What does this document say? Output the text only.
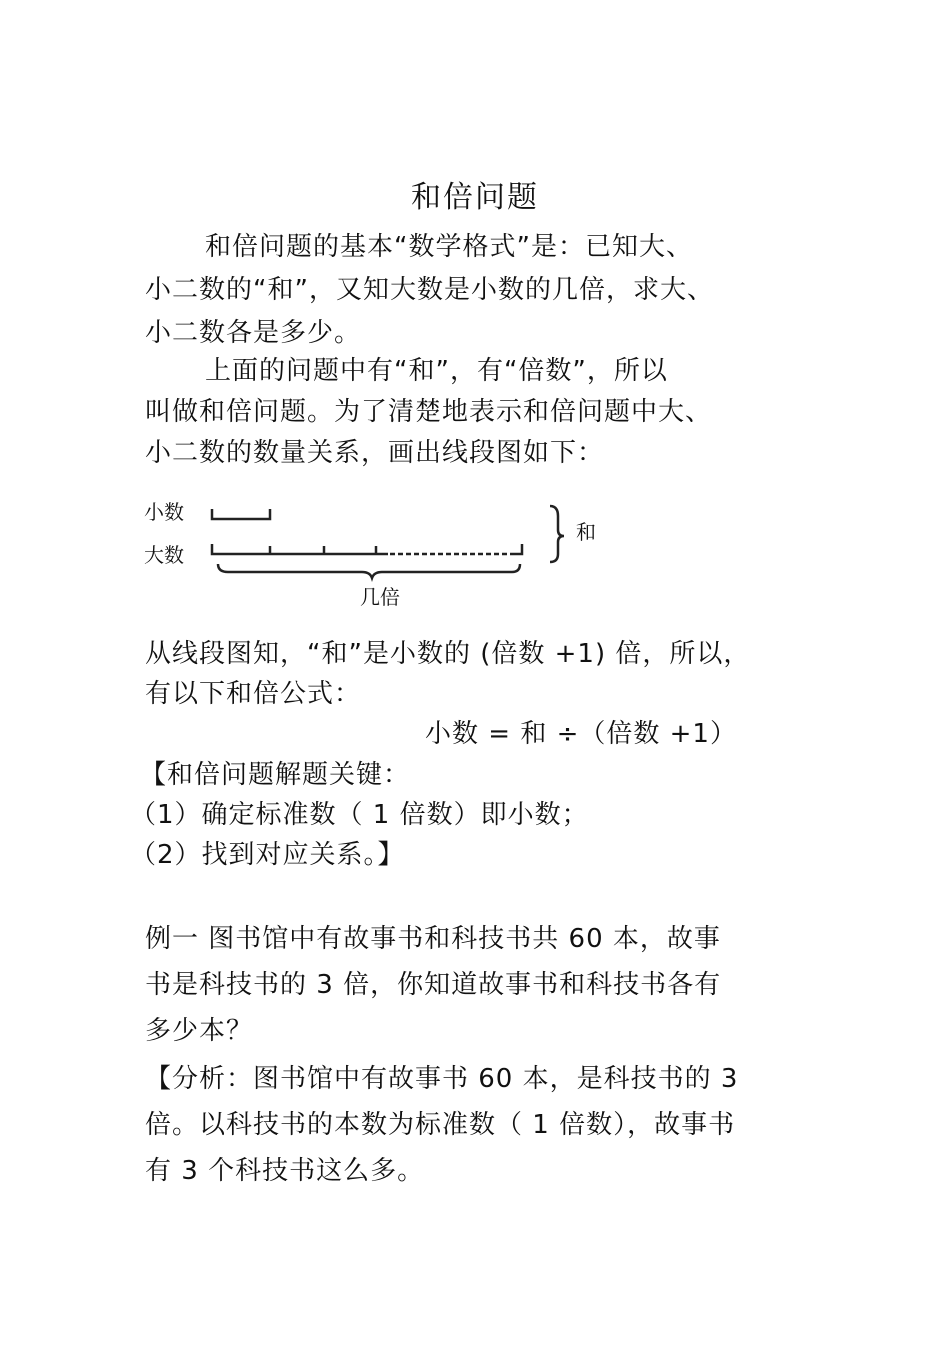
和倍问题
和倍问题的基本“数学格式”是：已知大、
小二数的“和”，又知大数是小数的几倍，求大、
小二数各是多少。
上面的问题中有“和”，有“倍数”，所以
叫做和倍问题。为了清楚地表示和倍问题中大、
小二数的数量关系，画出线段图如下：
小数
大数
和
几倍
从线段图知，“和”是小数的 (倍数 +1) 倍，所以，
有以下和倍公式：
小数 = 和 ÷（倍数 +1）
【和倍问题解题关键：
（1）确定标准数（ 1 倍数）即小数；
（2）找到对应关系。】
例一 图书馆中有故事书和科技书共 60 本，故事
书是科技书的 3 倍，你知道故事书和科技书各有
多少本？
【分析：图书馆中有故事书 60 本，是科技书的 3
倍。以科技书的本数为标准数（ 1 倍数），故事书
有 3 个科技书这么多。
